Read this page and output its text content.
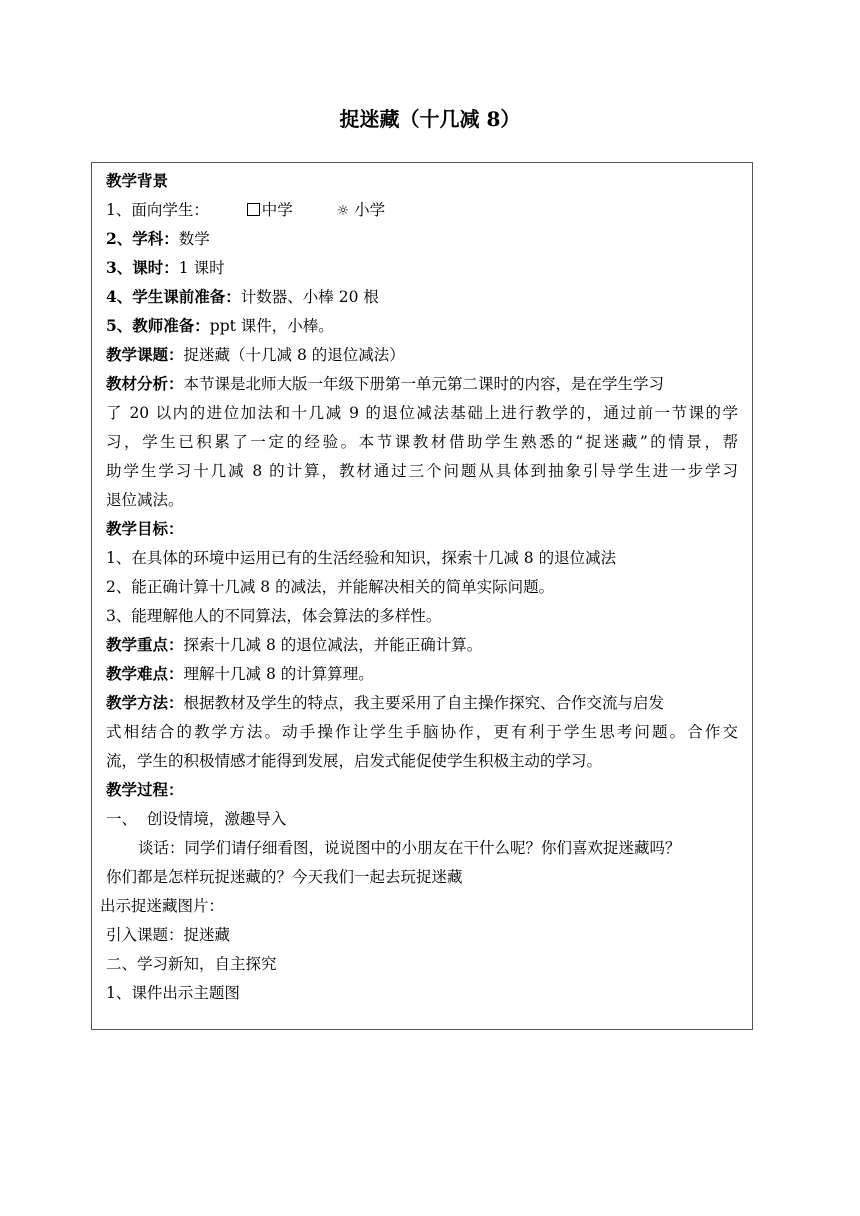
捉迷藏（十几减 8）
教学背景
1、面向学生：	中学	☼ 小学
2、学科：数学
3、课时：1 课时
4、学生课前准备：计数器、小棒 20 根
5、教师准备：ppt 课件，小棒。
教学课题：捉迷藏（十几减 8 的退位减法）
教材分析：本节课是北师大版一年级下册第一单元第二课时的内容，是在学生学习
了 20 以内的进位加法和十几减 9 的退位减法基础上进行教学的，通过前一节课的学
习，学生已积累了一定的经验。本节课教材借助学生熟悉的“捉迷藏”的情景，帮
助学生学习十几减 8 的计算，教材通过三个问题从具体到抽象引导学生进一步学习
退位减法。
教学目标：
1、在具体的环境中运用已有的生活经验和知识，探索十几减 8 的退位减法
2、能正确计算十几减 8 的减法，并能解决相关的简单实际问题。
3、能理解他人的不同算法，体会算法的多样性。
教学重点：探索十几减 8 的退位减法，并能正确计算。
教学难点：理解十几减 8 的计算算理。
教学方法：根据教材及学生的特点，我主要采用了自主操作探究、合作交流与启发
式相结合的教学方法。动手操作让学生手脑协作，更有利于学生思考问题。合作交
流，学生的积极情感才能得到发展，启发式能促使学生积极主动的学习。
教学过程：
一、  创设情境，激趣导入
谈话：同学们请仔细看图，说说图中的小朋友在干什么呢？你们喜欢捉迷藏吗？
你们都是怎样玩捉迷藏的？今天我们一起去玩捉迷藏
出示捉迷藏图片：
引入课题：捉迷藏
二、学习新知，自主探究
1、课件出示主题图
